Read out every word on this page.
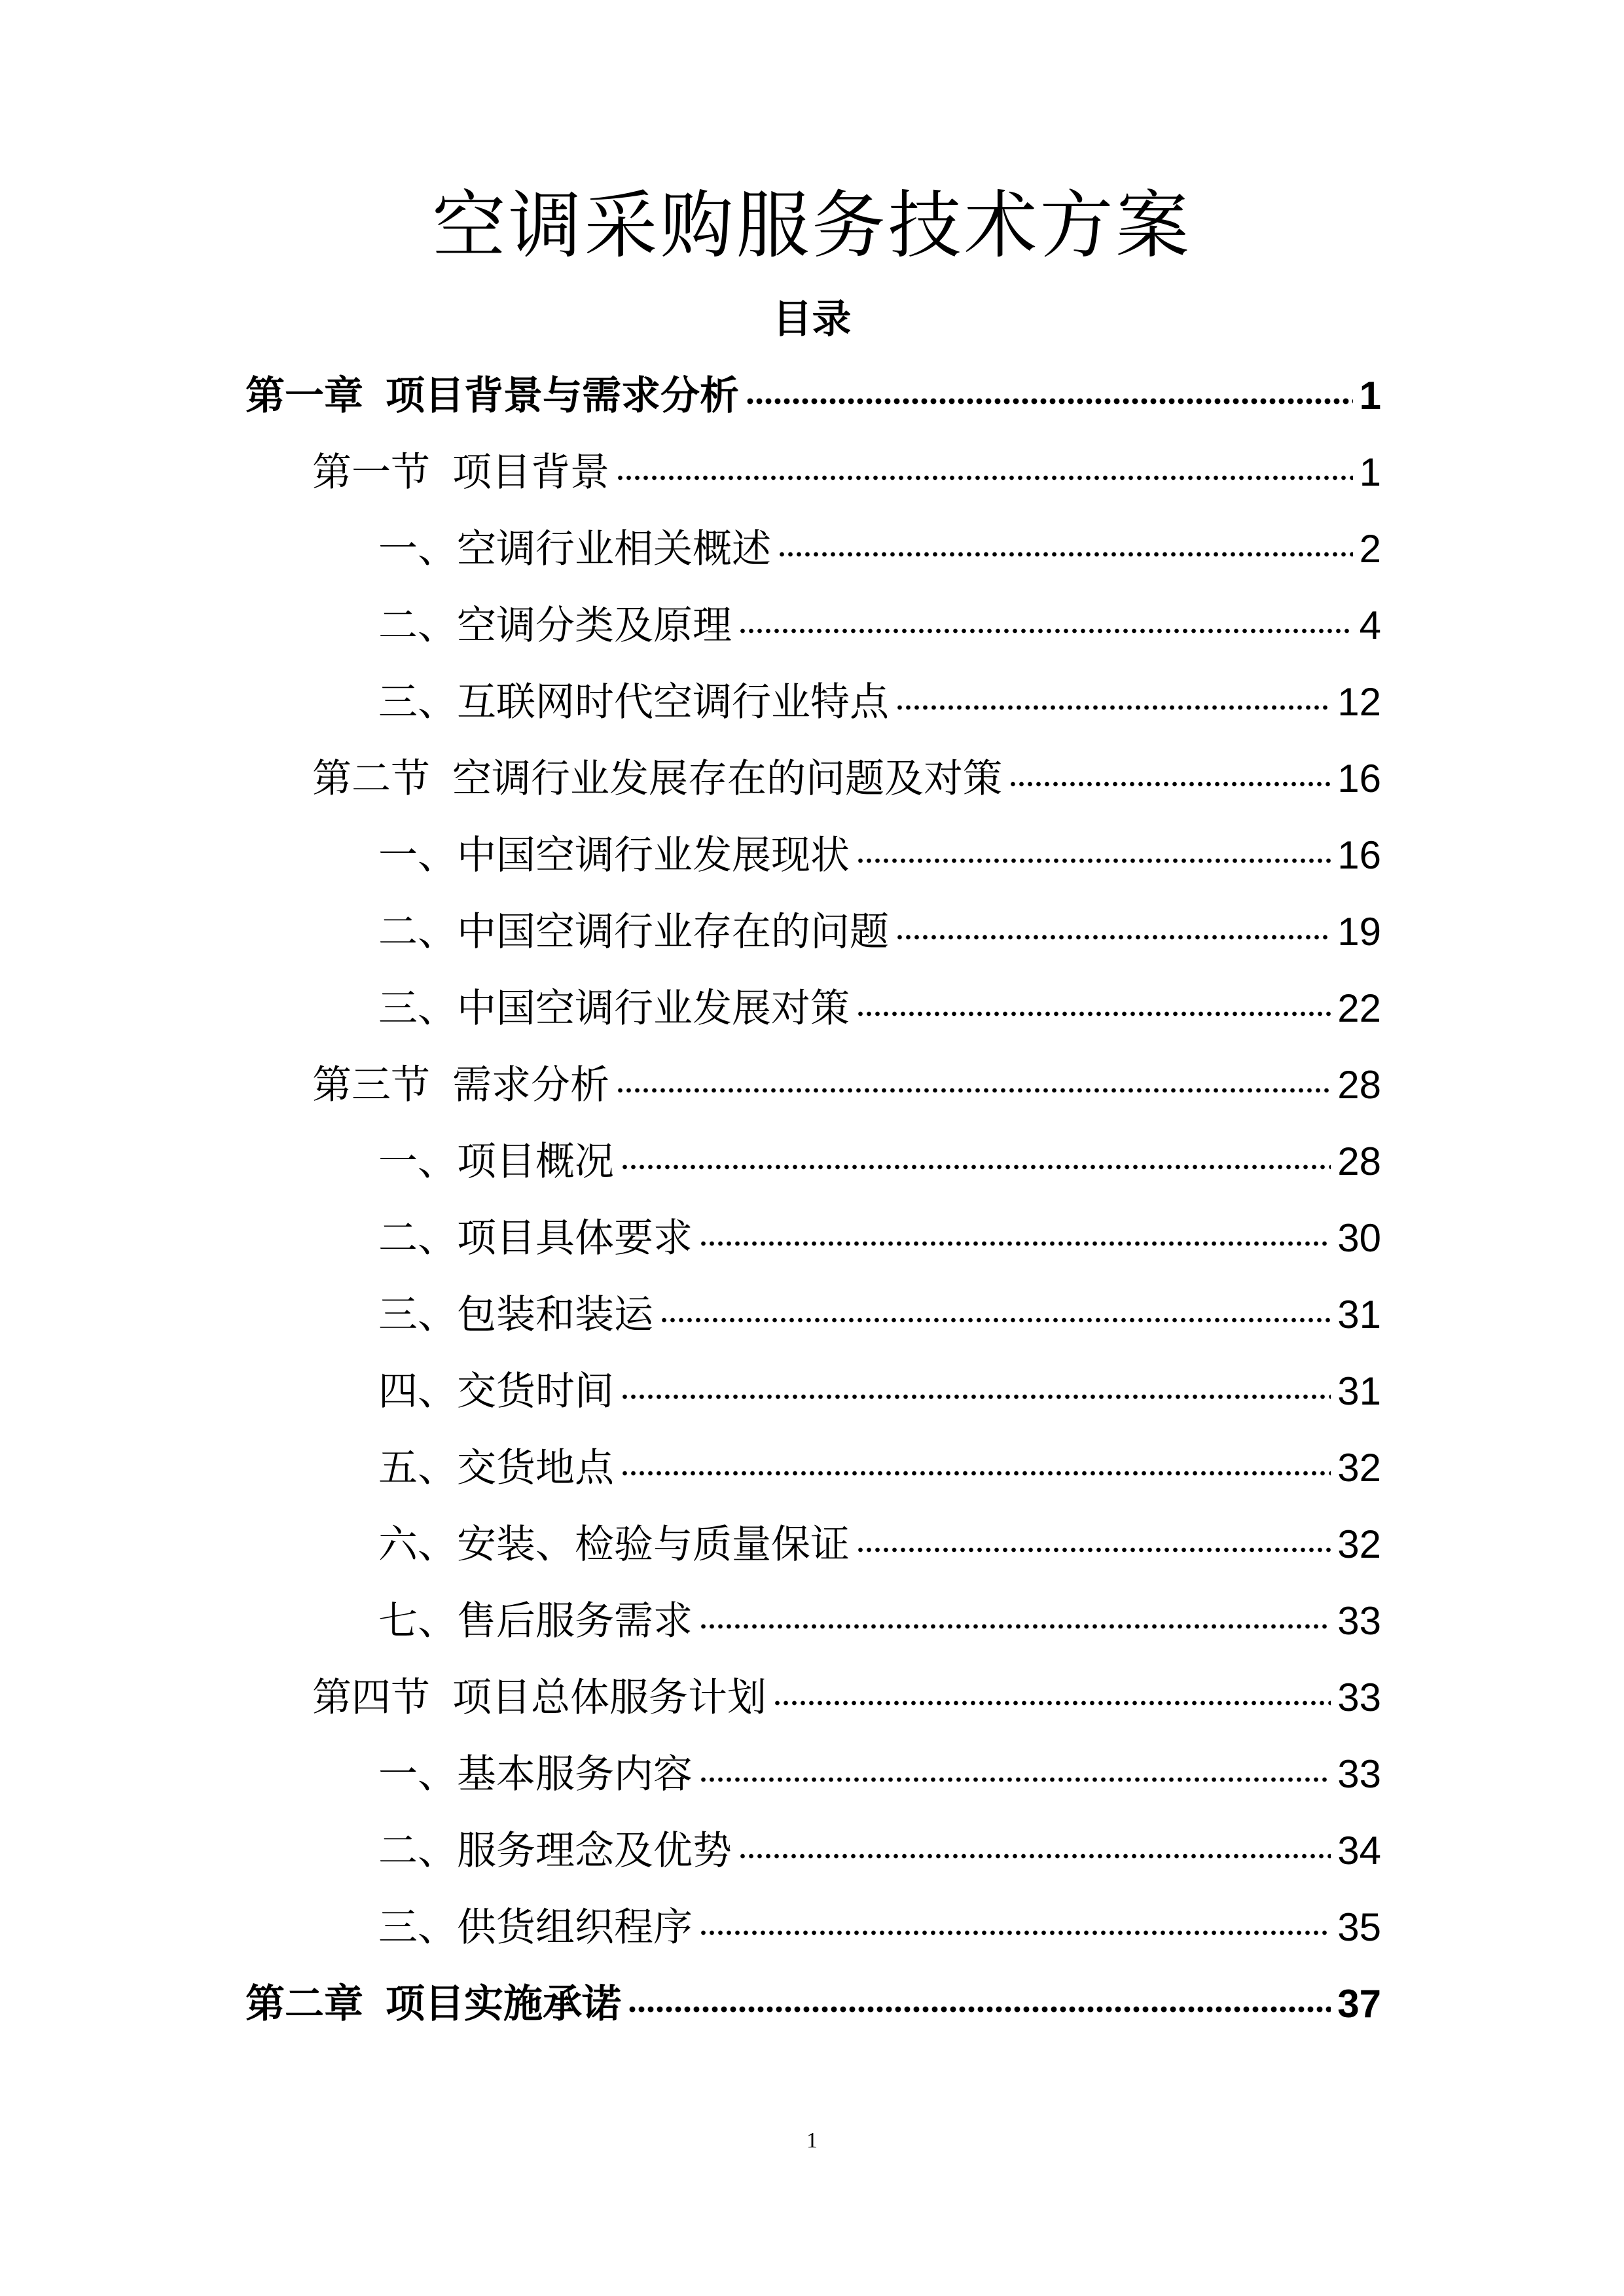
空调采购服务技术方案
目录
第一章 项目背景与需求分析	1
第一节 项目背景	1
一、空调行业相关概述	2
二、空调分类及原理	4
三、互联网时代空调行业特点	12
第二节 空调行业发展存在的问题及对策	16
一、中国空调行业发展现状	16
二、中国空调行业存在的问题	19
三、中国空调行业发展对策	22
第三节 需求分析	28
一、项目概况	28
二、项目具体要求	30
三、包装和装运	31
四、交货时间	31
五、交货地点	32
六、安装、检验与质量保证	32
七、售后服务需求	33
第四节 项目总体服务计划	33
一、基本服务内容	33
二、服务理念及优势	34
三、供货组织程序	35
第二章 项目实施承诺	37
1
